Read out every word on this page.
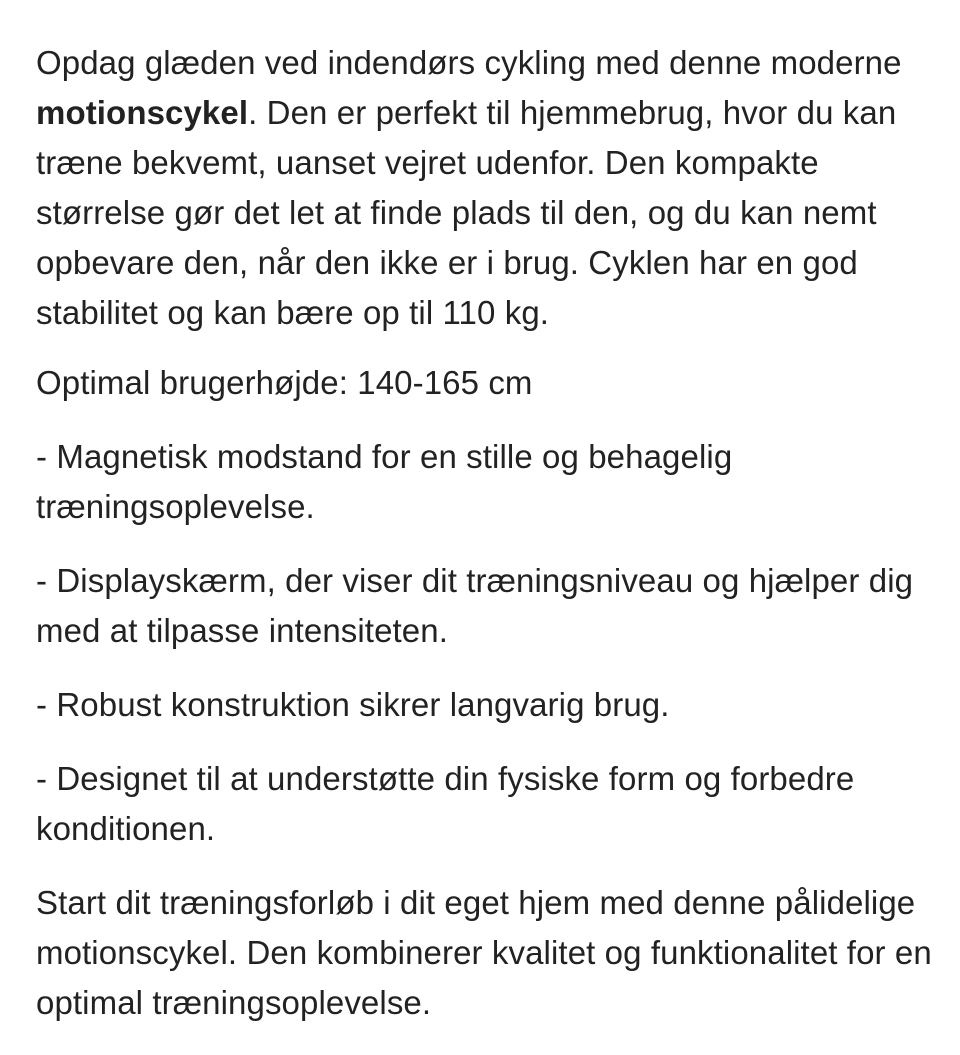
Opdag glæden ved indendørs cykling med denne moderne motionscykel. Den er perfekt til hjemmebrug, hvor du kan træne bekvemt, uanset vejret udenfor. Den kompakte størrelse gør det let at finde plads til den, og du kan nemt opbevare den, når den ikke er i brug. Cyklen har en god stabilitet og kan bære op til 110 kg.

Optimal brugerhøjde: 140-165 cm

- Magnetisk modstand for en stille og behagelig træningsoplevelse.

- Displayskærm, der viser dit træningsniveau og hjælper dig med at tilpasse intensiteten.

- Robust konstruktion sikrer langvarig brug.

- Designet til at understøtte din fysiske form og forbedre konditionen.

Start dit træningsforløb i dit eget hjem med denne pålidelige motionscykel. Den kombinerer kvalitet og funktionalitet for en optimal træningsoplevelse.
